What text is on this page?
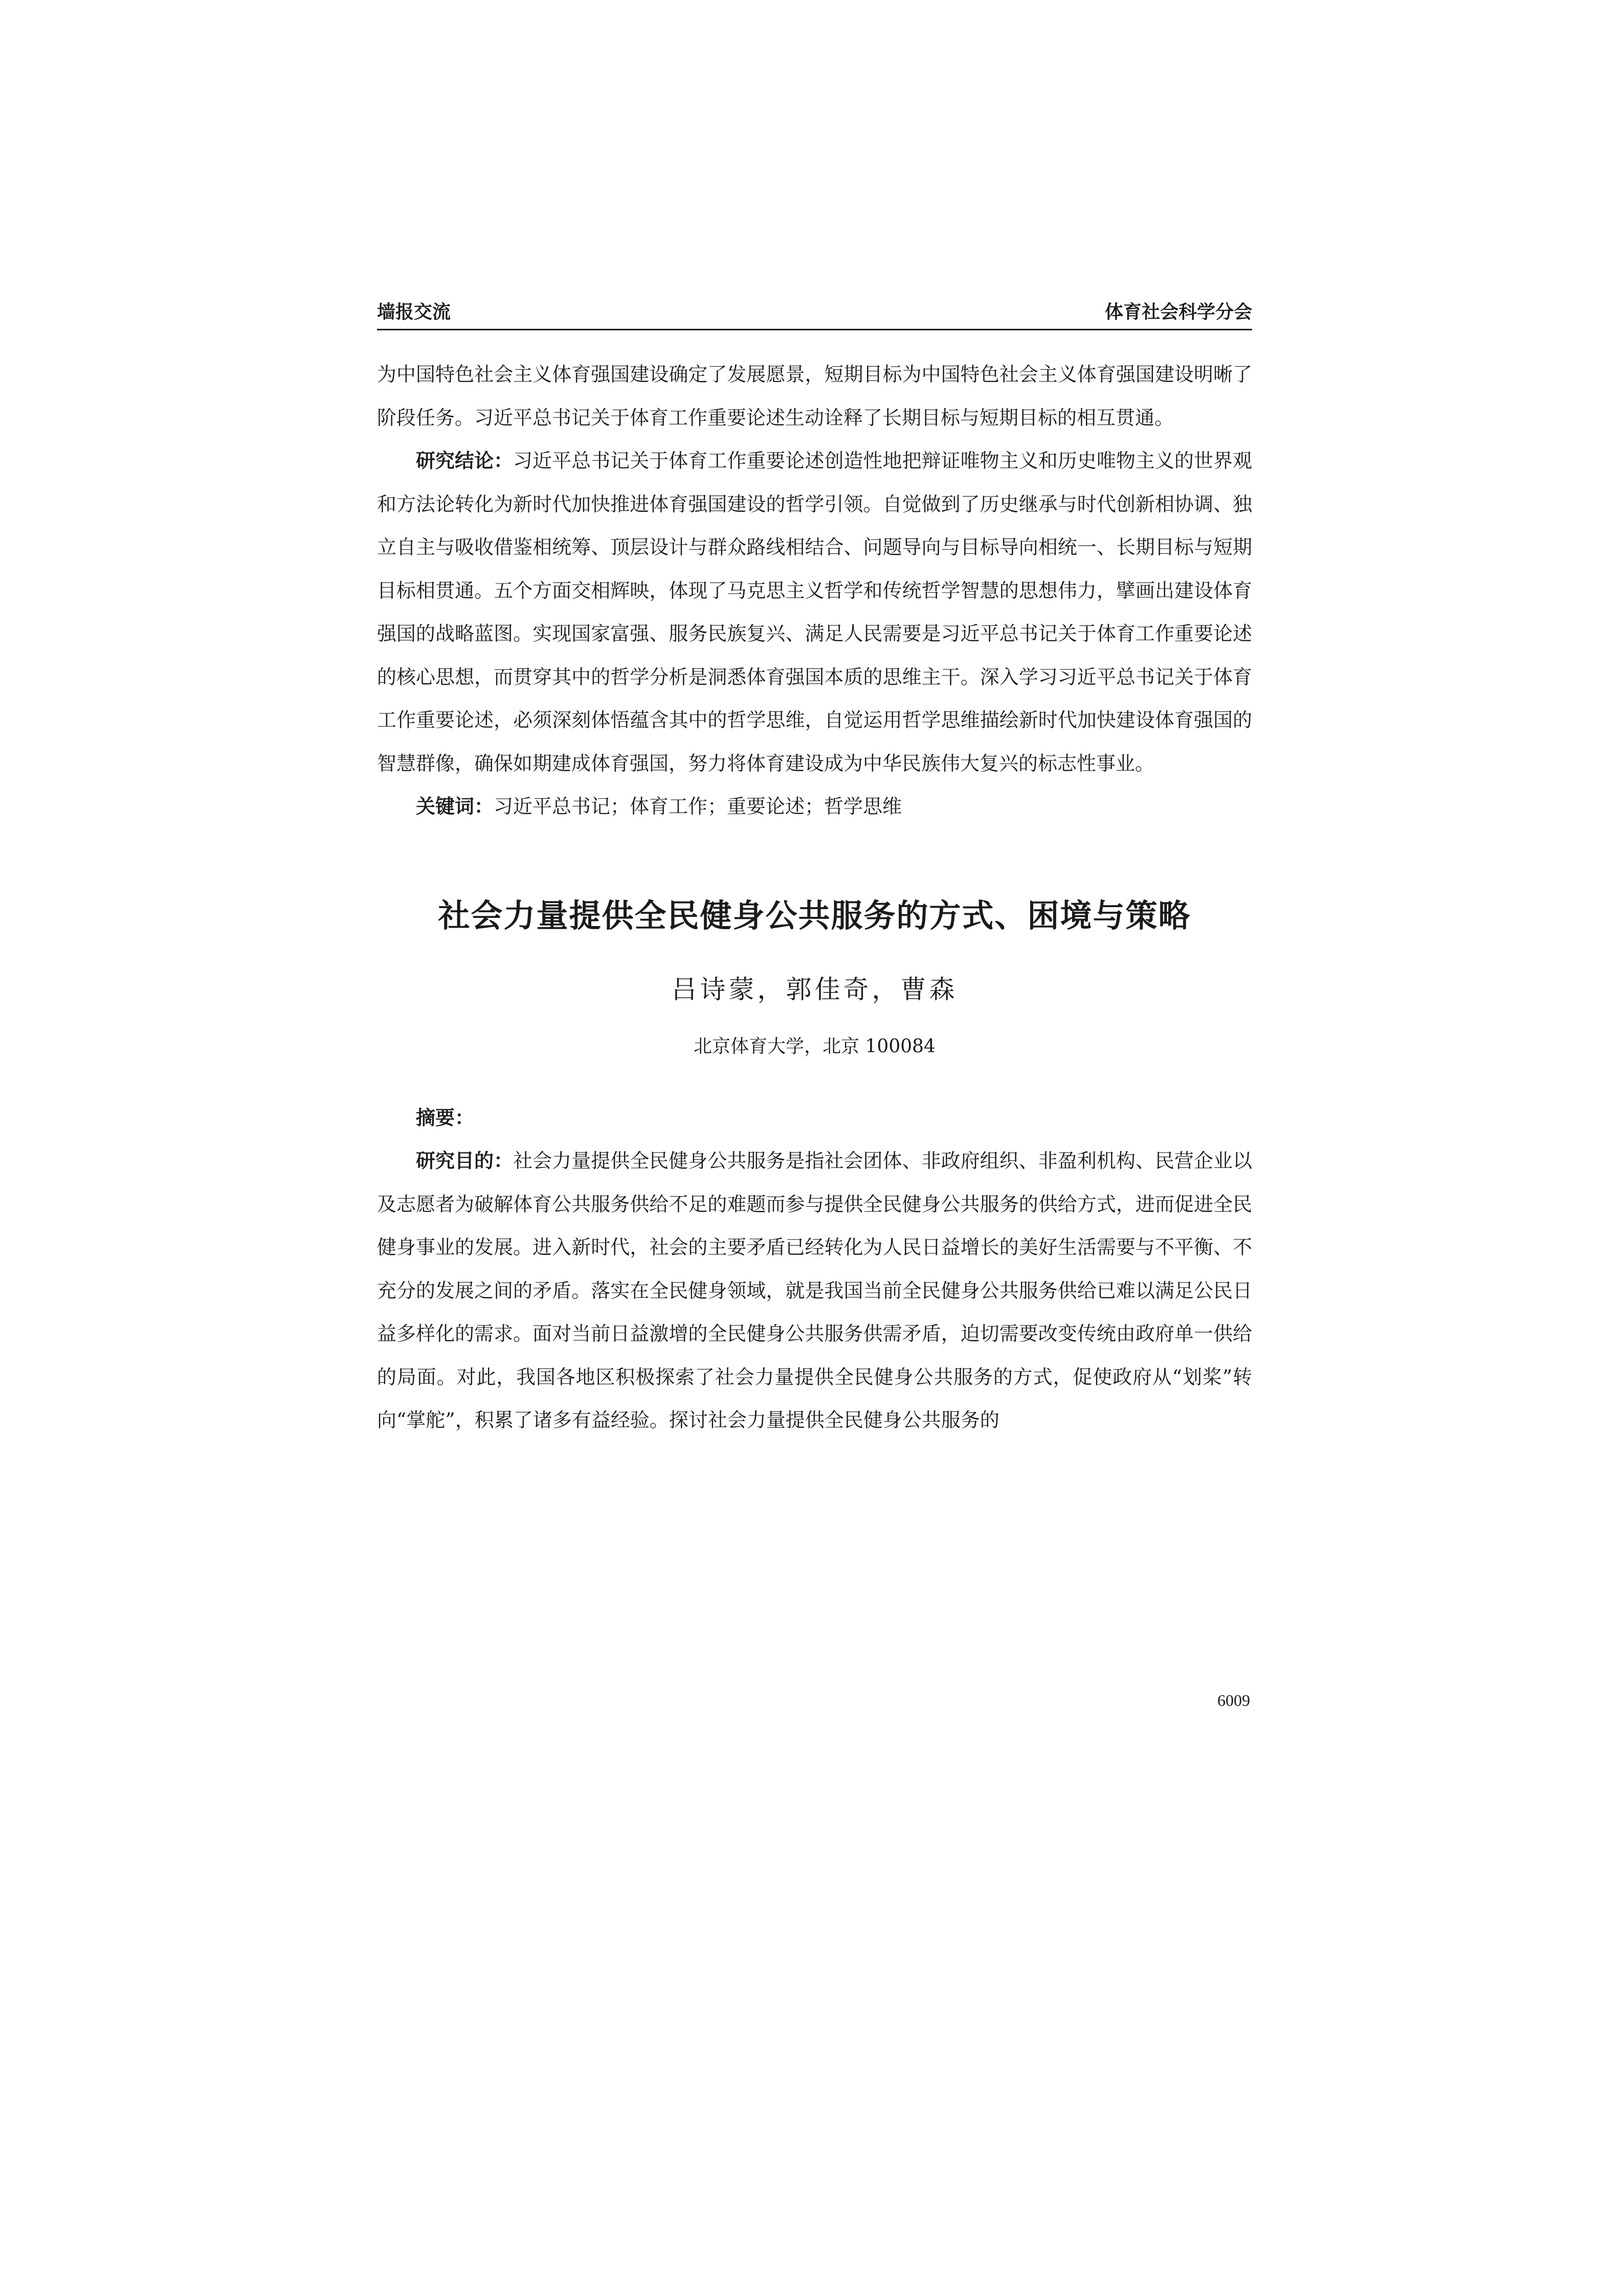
墙报交流	体育社会科学分会

为中国特色社会主义体育强国建设确定了发展愿景，短期目标为中国特色社会主义体育强国建设明晰了阶段任务。习近平总书记关于体育工作重要论述生动诠释了长期目标与短期目标的相互贯通。

研究结论：习近平总书记关于体育工作重要论述创造性地把辩证唯物主义和历史唯物主义的世界观和方法论转化为新时代加快推进体育强国建设的哲学引领。自觉做到了历史继承与时代创新相协调、独立自主与吸收借鉴相统筹、顶层设计与群众路线相结合、问题导向与目标导向相统一、长期目标与短期目标相贯通。五个方面交相辉映，体现了马克思主义哲学和传统哲学智慧的思想伟力，擘画出建设体育强国的战略蓝图。实现国家富强、服务民族复兴、满足人民需要是习近平总书记关于体育工作重要论述的核心思想，而贯穿其中的哲学分析是洞悉体育强国本质的思维主干。深入学习习近平总书记关于体育工作重要论述，必须深刻体悟蕴含其中的哲学思维，自觉运用哲学思维描绘新时代加快建设体育强国的智慧群像，确保如期建成体育强国，努力将体育建设成为中华民族伟大复兴的标志性事业。

关键词：习近平总书记；体育工作；重要论述；哲学思维

社会力量提供全民健身公共服务的方式、困境与策略
吕诗蒙，郭佳奇，曹森
北京体育大学，北京 100084

摘要：

研究目的：社会力量提供全民健身公共服务是指社会团体、非政府组织、非盈利机构、民营企业以及志愿者为破解体育公共服务供给不足的难题而参与提供全民健身公共服务的供给方式，进而促进全民健身事业的发展。进入新时代，社会的主要矛盾已经转化为人民日益增长的美好生活需要与不平衡、不充分的发展之间的矛盾。落实在全民健身领域，就是我国当前全民健身公共服务供给已难以满足公民日益多样化的需求。面对当前日益激增的全民健身公共服务供需矛盾，迫切需要改变传统由政府单一供给的局面。对此，我国各地区积极探索了社会力量提供全民健身公共服务的方式，促使政府从“划桨”转向“掌舵”，积累了诸多有益经验。探讨社会力量提供全民健身公共服务的

6009
